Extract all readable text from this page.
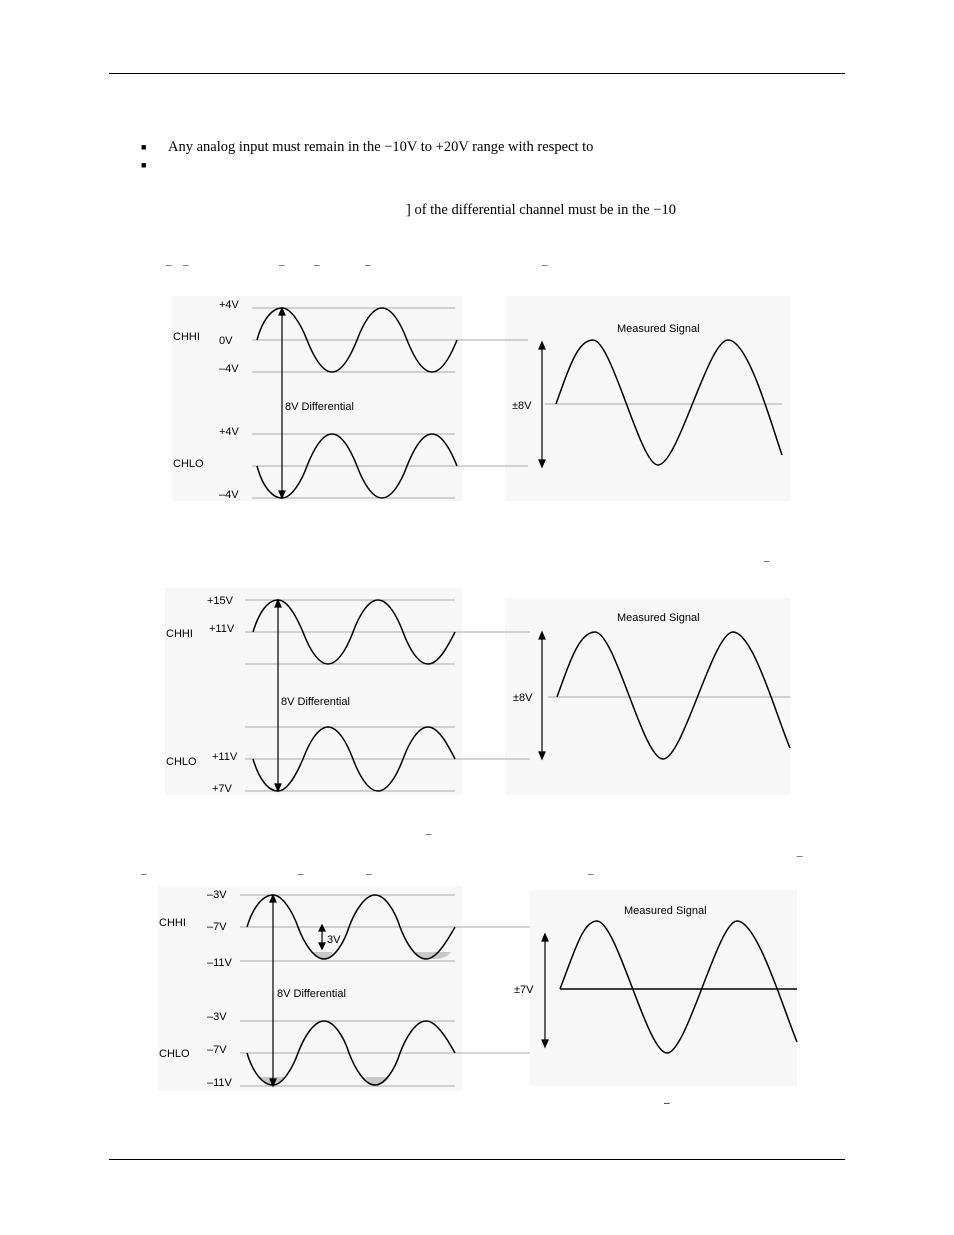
■ Any analog input must remain in the −10V to +20V range with respect to
■
] of the differential channel must be in the −10
_ _	_	_	_	_
_
_
_
_	_	_	_
_
CHHI
CHLO
+4V
0V
–4V
+4V
–4V
8V Differential
Measured Signal
±8V
CHHI
CHLO
+15V
+11V
+11V
+7V
8V Differential
Measured Signal
±8V
CHHI
CHLO
–3V
–7V
–11V
–3V
–7V
–11V
3V
8V Differential
Measured Signal
±7V
